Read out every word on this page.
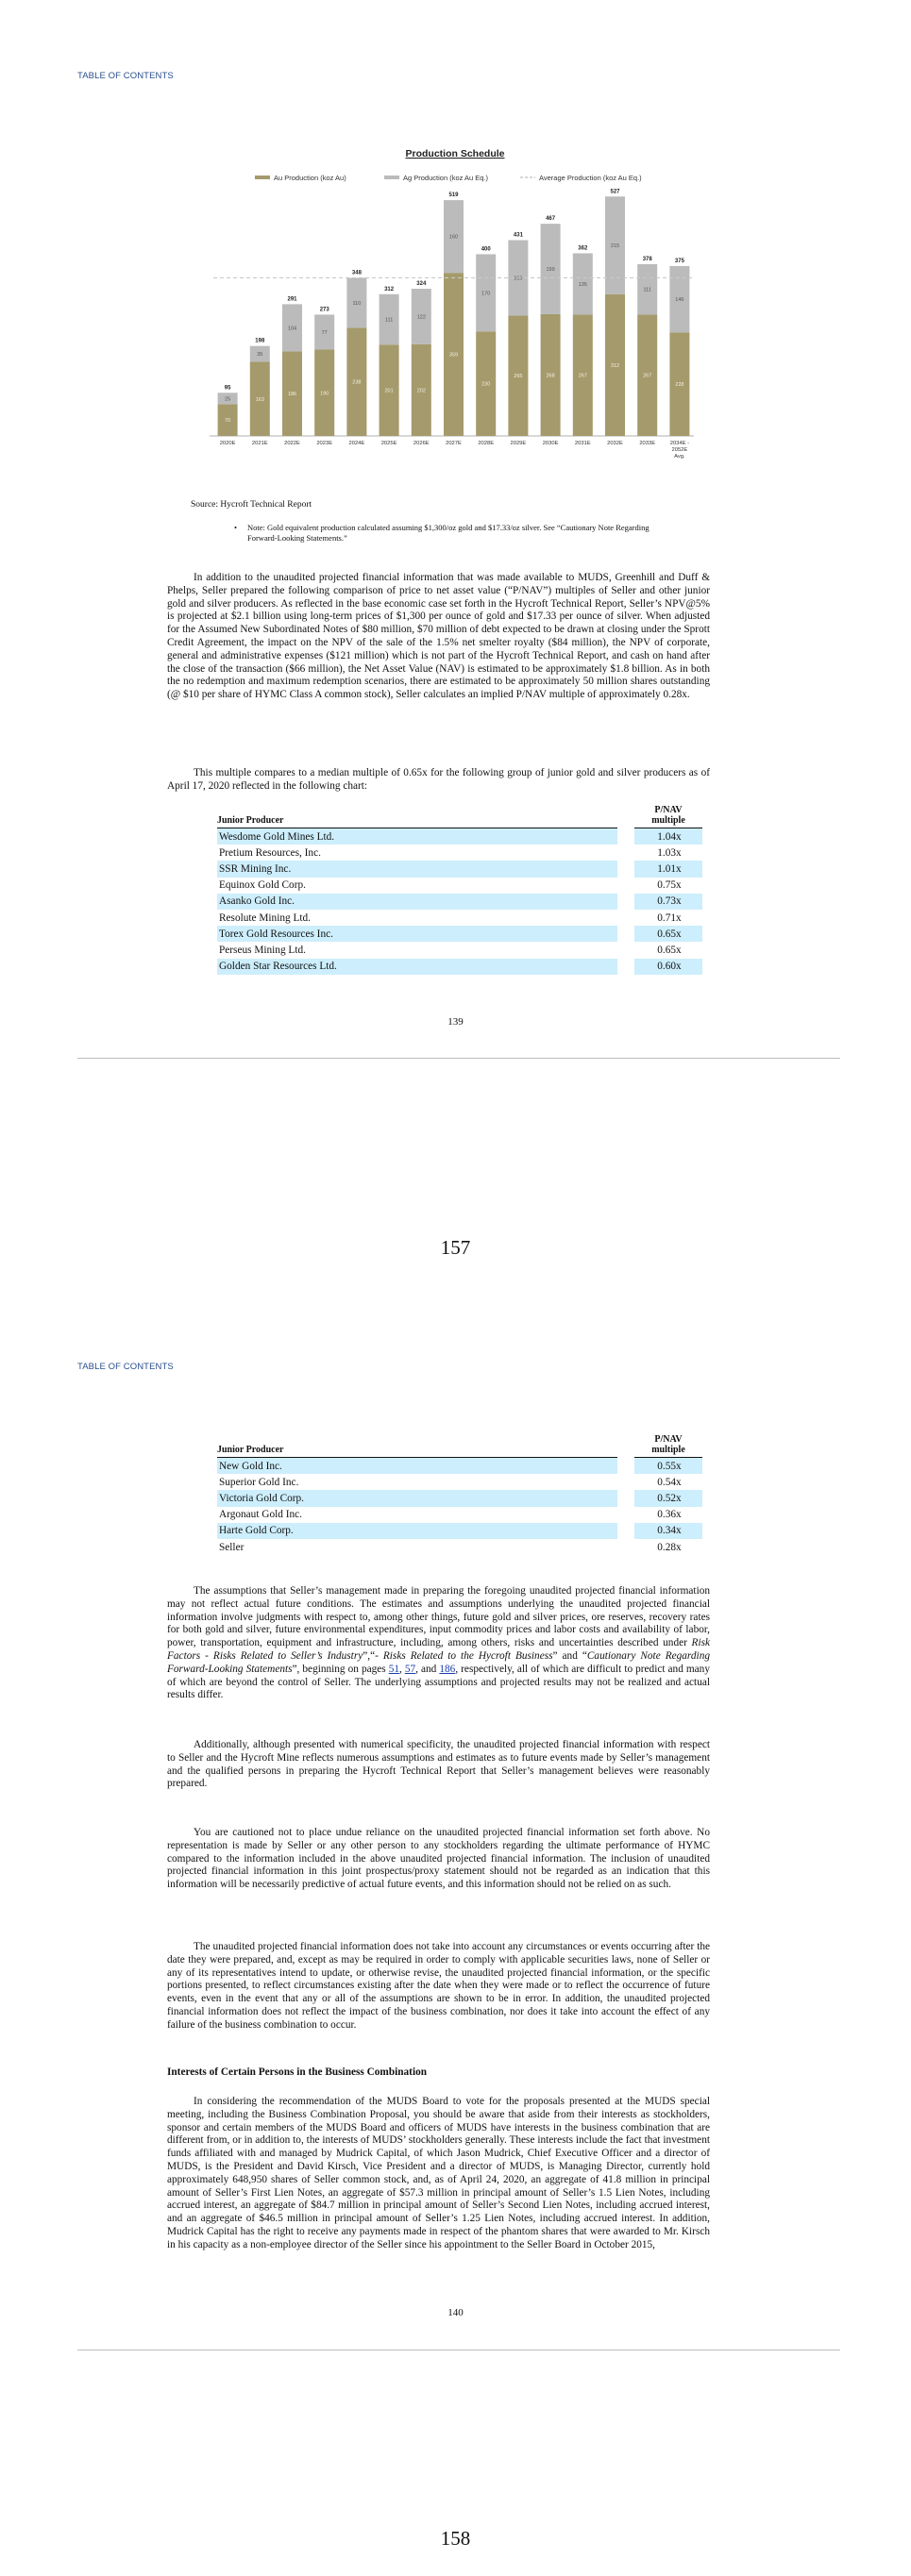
TABLE OF CONTENTS
Production Schedule
Au Production (koz Au)	Ag Production (koz Au Eq.)	Average Production (koz Au Eq.)
70
25
95
2020E
163
35
198
2021E
186
104
291
2022E
190
77
273
2023E
238
110
348
2024E
201
111
312
2025E
202
122
324
2026E
359
160
519
2027E
230
170
400
2028E
265
166
431
2029E
268
199
467
2030E
267
135
362
2031E
312
215
527
2032E
267
111
378
2033E
228
146
375
2034E -2052E Avg.
Source: Hycroft Technical Report
• Note: Gold equivalent production calculated assuming $1,300/oz gold and $17.33/oz silver. See “Cautionary Note Regarding Forward-Looking Statements.”

In addition to the unaudited projected financial information that was made available to MUDS, Greenhill and Duff & Phelps, Seller prepared the following comparison of price to net asset value (“P/NAV”) multiples of Seller and other junior gold and silver producers. As reflected in the base economic case set forth in the Hycroft Technical Report, Seller’s NPV@5% is projected at $2.1 billion using long-term prices of $1,300 per ounce of gold and $17.33 per ounce of silver. When adjusted for the Assumed New Subordinated Notes of $80 million, $70 million of debt expected to be drawn at closing under the Sprott Credit Agreement, the impact on the NPV of the sale of the 1.5% net smelter royalty ($84 million), the NPV of corporate, general and administrative expenses ($121 million) which is not part of the Hycroft Technical Report, and cash on hand after the close of the transaction ($66 million), the Net Asset Value (NAV) is estimated to be approximately $1.8 billion. As in both the no redemption and maximum redemption scenarios, there are estimated to be approximately 50 million shares outstanding (@ $10 per share of HYMC Class A common stock), Seller calculates an implied P/NAV multiple of approximately 0.28x.

This multiple compares to a median multiple of 0.65x for the following group of junior gold and silver producers as of April 17, 2020 reflected in the following chart:

Junior Producer		P/NAV
multiple
Wesdome Gold Mines Ltd.		1.04x
Pretium Resources, Inc.		1.03x
SSR Mining Inc.		1.01x
Equinox Gold Corp.		0.75x
Asanko Gold Inc.		0.73x
Resolute Mining Ltd.		0.71x
Torex Gold Resources Inc.		0.65x
Perseus Mining Ltd.		0.65x
Golden Star Resources Ltd.		0.60x
139
157
TABLE OF CONTENTS
Junior Producer		P/NAV
multiple
New Gold Inc.		0.55x
Superior Gold Inc.		0.54x
Victoria Gold Corp.		0.52x
Argonaut Gold Inc.		0.36x
Harte Gold Corp.		0.34x
Seller		0.28x

The assumptions that Seller’s management made in preparing the foregoing unaudited projected financial information may not reflect actual future conditions. The estimates and assumptions underlying the unaudited projected financial information involve judgments with respect to, among other things, future gold and silver prices, ore reserves, recovery rates for both gold and silver, future environmental expenditures, input commodity prices and labor costs and availability of labor, power, transportation, equipment and infrastructure, including, among others, risks and uncertainties described under Risk Factors - Risks Related to Seller’s Industry”,“- Risks Related to the Hycroft Business” and “Cautionary Note Regarding Forward-Looking Statements”, beginning on pages 51, 57, and 186, respectively, all of which are difficult to predict and many of which are beyond the control of Seller. The underlying assumptions and projected results may not be realized and actual results differ.

Additionally, although presented with numerical specificity, the unaudited projected financial information with respect to Seller and the Hycroft Mine reflects numerous assumptions and estimates as to future events made by Seller’s management and the qualified persons in preparing the Hycroft Technical Report that Seller’s management believes were reasonably prepared.

You are cautioned not to place undue reliance on the unaudited projected financial information set forth above. No representation is made by Seller or any other person to any stockholders regarding the ultimate performance of HYMC compared to the information included in the above unaudited projected financial information. The inclusion of unaudited projected financial information in this joint prospectus/proxy statement should not be regarded as an indication that this information will be necessarily predictive of actual future events, and this information should not be relied on as such.

The unaudited projected financial information does not take into account any circumstances or events occurring after the date they were prepared, and, except as may be required in order to comply with applicable securities laws, none of Seller or any of its representatives intend to update, or otherwise revise, the unaudited projected financial information, or the specific portions presented, to reflect circumstances existing after the date when they were made or to reflect the occurrence of future events, even in the event that any or all of the assumptions are shown to be in error. In addition, the unaudited projected financial information does not reflect the impact of the business combination, nor does it take into account the effect of any failure of the business combination to occur.

Interests of Certain Persons in the Business Combination

In considering the recommendation of the MUDS Board to vote for the proposals presented at the MUDS special meeting, including the Business Combination Proposal, you should be aware that aside from their interests as stockholders, sponsor and certain members of the MUDS Board and officers of MUDS have interests in the business combination that are different from, or in addition to, the interests of MUDS’ stockholders generally. These interests include the fact that investment funds affiliated with and managed by Mudrick Capital, of which Jason Mudrick, Chief Executive Officer and a director of MUDS, is the President and David Kirsch, Vice President and a director of MUDS, is Managing Director, currently hold approximately 648,950 shares of Seller common stock, and, as of April 24, 2020, an aggregate of 41.8 million in principal amount of Seller’s First Lien Notes, an aggregate of $57.3 million in principal amount of Seller’s 1.5 Lien Notes, including accrued interest, an aggregate of $84.7 million in principal amount of Seller’s Second Lien Notes, including accrued interest, and an aggregate of $46.5 million in principal amount of Seller’s 1.25 Lien Notes, including accrued interest. In addition, Mudrick Capital has the right to receive any payments made in respect of the phantom shares that were awarded to Mr. Kirsch in his capacity as a non-employee director of the Seller since his appointment to the Seller Board in October 2015,

140
158
